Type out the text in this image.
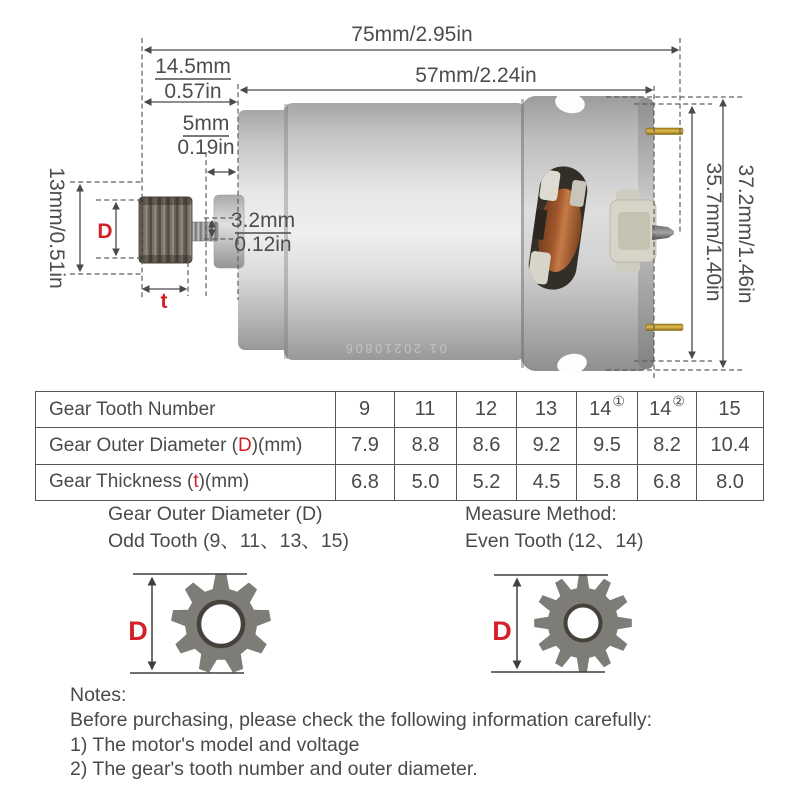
01 20210806
75mm/2.95in
57mm/2.24in
14.5mm
0.57in
5mm
0.19in
3.2mm
0.12in
13mm/0.51in	35.7mm/1.40in 37.2mm/1.46in
D
t
Gear Tooth Number	9	11	12	13	14①	14②	15
Gear Outer Diameter (D)(mm)	7.9	8.8	8.6	9.2	9.5	8.2	10.4
Gear Thickness (t)(mm)	6.8	5.0	5.2	4.5	5.8	6.8	8.0
Gear Outer Diameter (D)
Odd Tooth (9、11、13、15)
Measure Method:
Even Tooth (12、14)
D	D
Notes:
Before purchasing, please check the following information carefully:
1) The motor's model and voltage
2) The gear's tooth number and outer diameter.
